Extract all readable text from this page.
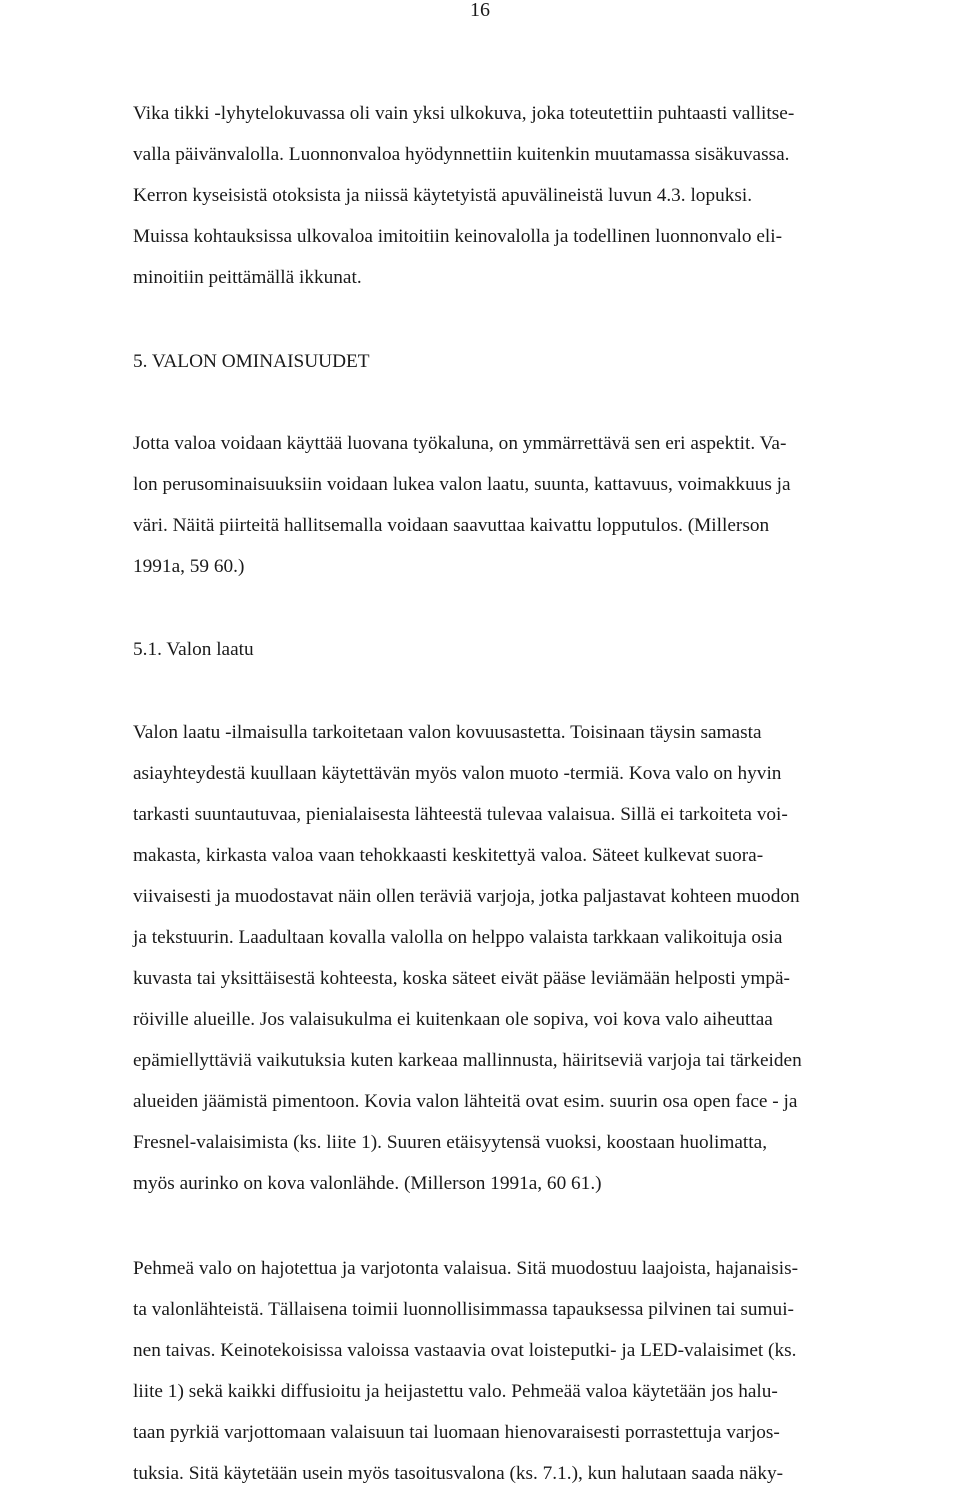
16
Vika tikki -lyhytelokuvassa oli vain yksi ulkokuva, joka toteutettiin puhtaasti vallitse-
valla päivänvalolla. Luonnonvaloa hyödynnettiin kuitenkin muutamassa sisäkuvassa.
Kerron kyseisistä otoksista ja niissä käytetyistä apuvälineistä luvun 4.3. lopuksi.
Muissa kohtauksissa ulkovaloa imitoitiin keinovalolla ja todellinen luonnonvalo eli-
minoitiin peittämällä ikkunat.
5. VALON OMINAISUUDET
Jotta valoa voidaan käyttää luovana työkaluna, on ymmärrettävä sen eri aspektit. Va-
lon perusominaisuuksiin voidaan lukea valon laatu, suunta, kattavuus, voimakkuus ja
väri. Näitä piirteitä hallitsemalla voidaan saavuttaa kaivattu lopputulos. (Millerson
1991a, 59 60.)
5.1. Valon laatu
Valon laatu -ilmaisulla tarkoitetaan valon kovuusastetta. Toisinaan täysin samasta
asiayhteydestä kuullaan käytettävän myös valon muoto -termiä. Kova valo on hyvin
tarkasti suuntautuvaa, pienialaisesta lähteestä tulevaa valaisua. Sillä ei tarkoiteta voi-
makasta, kirkasta valoa vaan tehokkaasti keskitettyä valoa. Säteet kulkevat suora-
viivaisesti ja muodostavat näin ollen teräviä varjoja, jotka paljastavat kohteen muodon
ja tekstuurin. Laadultaan kovalla valolla on helppo valaista tarkkaan valikoituja osia
kuvasta tai yksittäisestä kohteesta, koska säteet eivät pääse leviämään helposti ympä-
röiville alueille. Jos valaisukulma ei kuitenkaan ole sopiva, voi kova valo aiheuttaa
epämiellyttäviä vaikutuksia kuten karkeaa mallinnusta, häiritseviä varjoja tai tärkeiden
alueiden jäämistä pimentoon. Kovia valon lähteitä ovat esim. suurin osa open face - ja
Fresnel-valaisimista (ks. liite 1). Suuren etäisyytensä vuoksi, koostaan huolimatta,
myös aurinko on kova valonlähde. (Millerson 1991a, 60 61.)
Pehmeä valo on hajotettua ja varjotonta valaisua. Sitä muodostuu laajoista, hajanaisis-
ta valonlähteistä. Tällaisena toimii luonnollisimmassa tapauksessa pilvinen tai sumui-
nen taivas. Keinotekoisissa valoissa vastaavia ovat loisteputki- ja LED-valaisimet (ks.
liite 1) sekä kaikki diffusioitu ja heijastettu valo. Pehmeää valoa käytetään jos halu-
taan pyrkiä varjottomaan valaisuun tai luomaan hienovaraisesti porrastettuja varjos-
tuksia. Sitä käytetään usein myös tasoitusvalona (ks. 7.1.), kun halutaan saada näky-
